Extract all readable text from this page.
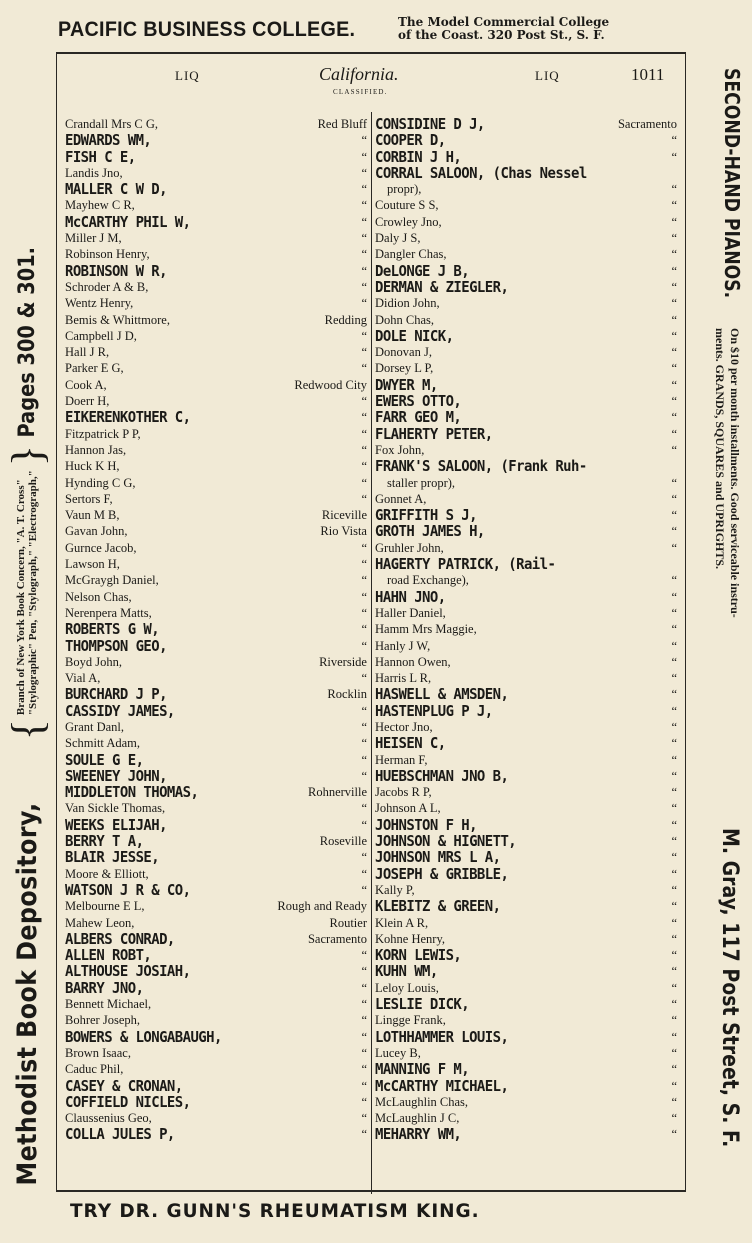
PACIFIC BUSINESS COLLEGE.	The Model Commercial College
of the Coast. 320 Post St., S. F.
Methodist Book Depository,
{
Branch of New York Book Concern, "A. T. Cross" "Stylographic" Pen, "Stylograph," "Electrograph,"
}
Pages 300 & 301.
LIQ	California.
CLASSIFIED.
LIQ	1011
Crandall Mrs C G,	Red Bluff
EDWARDS WM,	“
FISH C E,	“
Landis Jno,	“
MALLER C W D,	“
Mayhew C R,	“
McCARTHY PHIL W,	“
Miller J M,	“
Robinson Henry,	“
ROBINSON W R,	“
Schroder A & B,	“
Wentz Henry,	“
Bemis & Whittmore,	Redding
Campbell J D,	“
Hall J R,	“
Parker E G,	“
Cook A,	Redwood City
Doerr H,	“
EIKERENKOTHER C,	“
Fitzpatrick P P,	“
Hannon Jas,	“
Huck K H,	“
Hynding C G,	“
Sertors F,	“
Vaun M B,	Riceville
Gavan John,	Rio Vista
Gurnce Jacob,	“
Lawson H,	“
McGraygh Daniel,	“
Nelson Chas,	“
Nerenpera Matts,	“
ROBERTS G W,	“
THOMPSON GEO,	“
Boyd John,	Riverside
Vial A,	“
BURCHARD J P,	Rocklin
CASSIDY JAMES,	“
Grant Danl,	“
Schmitt Adam,	“
SOULE G E,	“
SWEENEY JOHN,	“
MIDDLETON THOMAS,	Rohnerville
Van Sickle Thomas,	“
WEEKS ELIJAH,	“
BERRY T A,	Roseville
BLAIR JESSE,	“
Moore & Elliott,	“
WATSON J R & CO,	“
Melbourne E L,	Rough and Ready
Mahew Leon,	Routier
ALBERS CONRAD,	Sacramento
ALLEN ROBT,	“
ALTHOUSE JOSIAH,	“
BARRY JNO,	“
Bennett Michael,	“
Bohrer Joseph,	“
BOWERS & LONGABAUGH,	“
Brown Isaac,	“
Caduc Phil,	“
CASEY & CRONAN,	“
COFFIELD NICLES,	“
Claussenius Geo,	“
COLLA JULES P,	“
CONSIDINE D J,	Sacramento
COOPER D,	“
CORBIN J H,	“
CORRAL SALOON, (Chas Nessel
propr),	“
Couture S S,	“
Crowley Jno,	“
Daly J S,	“
Dangler Chas,	“
DeLONGE J B,	“
DERMAN & ZIEGLER,	“
Didion John,	“
Dohn Chas,	“
DOLE NICK,	“
Donovan J,	“
Dorsey L P,	“
DWYER M,	“
EWERS OTTO,	“
FARR GEO M,	“
FLAHERTY PETER,	“
Fox John,	“
FRANK'S SALOON, (Frank Ruh-
staller propr),	“
Gonnet A,	“
GRIFFITH S J,	“
GROTH JAMES H,	“
Gruhler John,	“
HAGERTY PATRICK, (Rail-
road Exchange),	“
HAHN JNO,	“
Haller Daniel,	“
Hamm Mrs Maggie,	“
Hanly J W,	“
Hannon Owen,	“
Harris L R,	“
HASWELL & AMSDEN,	“
HASTENPLUG P J,	“
Hector Jno,	“
HEISEN C,	“
Herman F,	“
HUEBSCHMAN JNO B,	“
Jacobs R P,	“
Johnson A L,	“
JOHNSTON F H,	“
JOHNSON & HIGNETT,	“
JOHNSON MRS L A,	“
JOSEPH & GRIBBLE,	“
Kally P,	“
KLEBITZ & GREEN,	“
Klein A R,	“
Kohne Henry,	“
KORN LEWIS,	“
KUHN WM,	“
Leloy Louis,	“
LESLIE DICK,	“
Lingge Frank,	“
LOTHHAMMER LOUIS,	“
Lucey B,	“
MANNING F M,	“
McCARTHY MICHAEL,	“
McLaughlin Chas,	“
McLaughlin J C,	“
MEHARRY WM,	“
SECOND-HAND PIANOS.
On $10 per month installments. Good serviceable instru-
ments. GRANDS, SQUARES and UPRIGHTS.
M. Gray, 117 Post Street, S. F.
TRY DR. GUNN'S RHEUMATISM KING.
